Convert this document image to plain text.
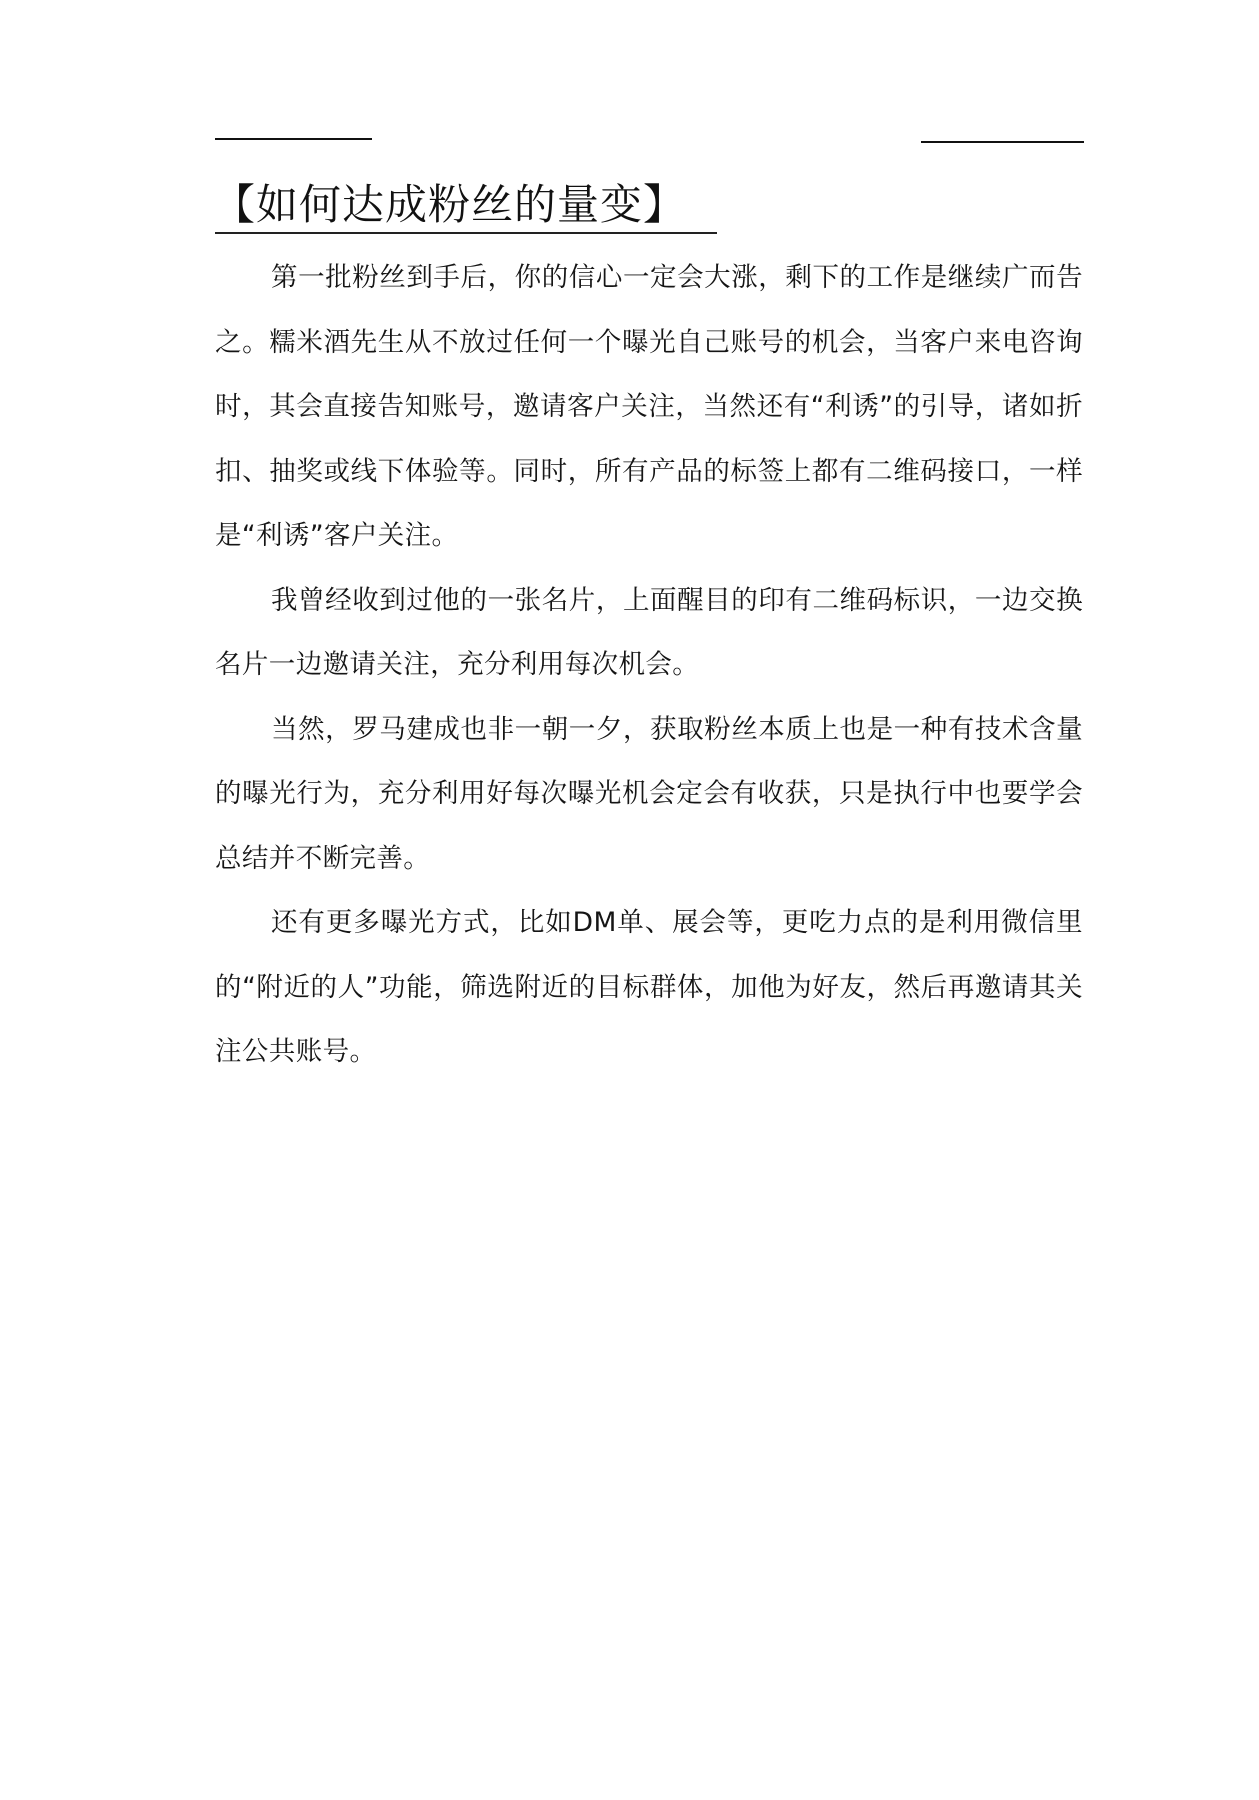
【如何达成粉丝的量变】

第一批粉丝到手后，你的信心一定会大涨，剩下的工作是继续广而告之。糯米酒先生从不放过任何一个曝光自己账号的机会，当客户来电咨询时，其会直接告知账号，邀请客户关注，当然还有“利诱”的引导，诸如折扣、抽奖或线下体验等。同时，所有产品的标签上都有二维码接口，一样是“利诱”客户关注。

我曾经收到过他的一张名片，上面醒目的印有二维码标识，一边交换名片一边邀请关注，充分利用每次机会。

当然，罗马建成也非一朝一夕，获取粉丝本质上也是一种有技术含量的曝光行为，充分利用好每次曝光机会定会有收获，只是执行中也要学会总结并不断完善。

还有更多曝光方式，比如DM单、展会等，更吃力点的是利用微信里的“附近的人”功能，筛选附近的目标群体，加他为好友，然后再邀请其关注公共账号。
